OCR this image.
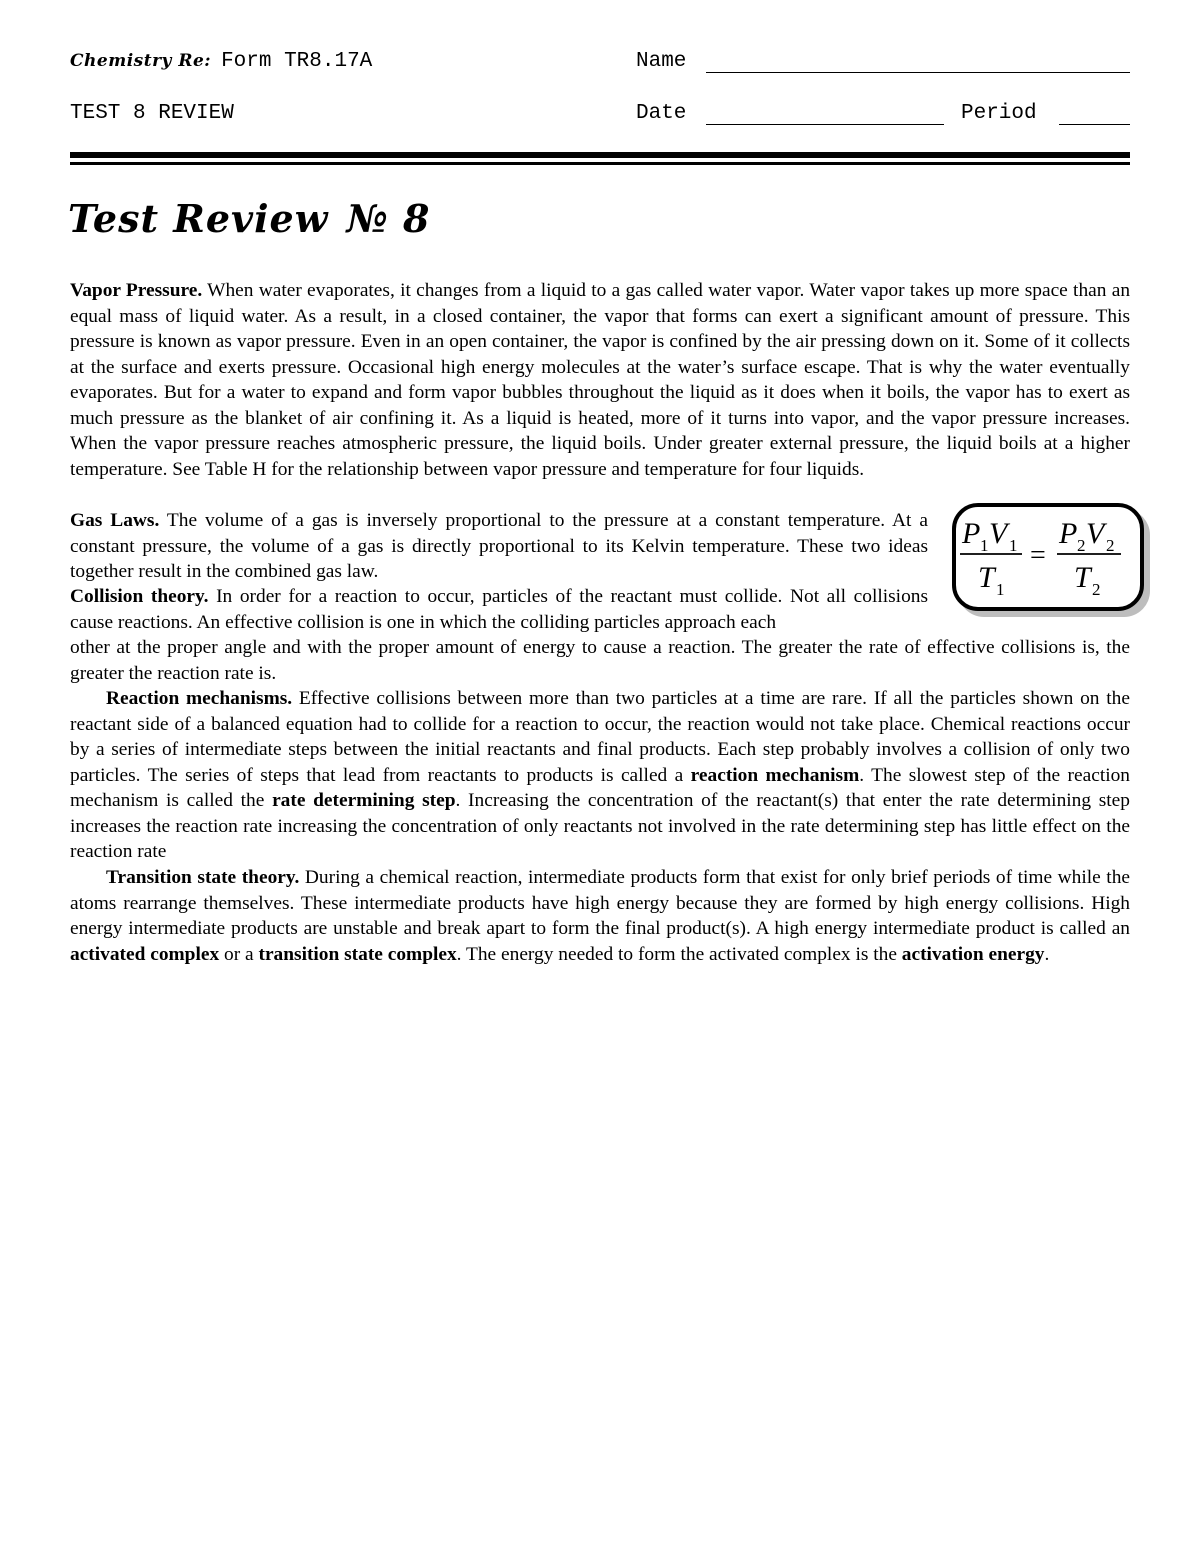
Chemistry Re: Form TR8.17A
TEST 8 REVIEW
Name
Date	Period
Test Review № 8
Vapor Pressure. When water evaporates, it changes from a liquid to a gas called water vapor. Water vapor takes up more space than an equal mass of liquid water. As a result, in a closed container, the vapor that forms can exert a significant amount of pressure. This pressure is known as vapor pressure. Even in an open container, the vapor is confined by the air pressing down on it. Some of it collects at the surface and exerts pressure. Occasional high energy molecules at the water’s surface escape. That is why the water eventually evaporates. But for a water to expand and form vapor bubbles throughout the liquid as it does when it boils, the vapor has to exert as much pressure as the blanket of air confining it. As a liquid is heated, more of it turns into vapor, and the vapor pressure increases. When the vapor pressure reaches atmospheric pressure, the liquid boils. Under greater external pressure, the liquid boils at a higher temperature. See Table H for the relationship between vapor pressure and temperature for four liquids.
Gas Laws. The volume of a gas is inversely proportional to the pressure at a constant temperature. At a constant pressure, the volume of a gas is directly proportional to its Kelvin temperature. These two ideas together result in the combined gas law.
P 1 V 1
T 1
=
P 2 V 2
T 2
Collision theory. In order for a reaction to occur, particles of the reactant must collide. Not all collisions cause reactions. An effective collision is one in which the colliding particles approach each
other at the proper angle and with the proper amount of energy to cause a reaction. The greater the rate of effective collisions is, the greater the reaction rate is.
Reaction mechanisms. Effective collisions between more than two particles at a time are rare. If all the particles shown on the reactant side of a balanced equation had to collide for a reaction to occur, the reaction would not take place. Chemical reactions occur by a series of intermediate steps between the initial reactants and final products. Each step probably involves a collision of only two particles. The series of steps that lead from reactants to products is called a reaction mechanism. The slowest step of the reaction mechanism is called the rate determining step. Increasing the concentration of the reactant(s) that enter the rate determining step increases the reaction rate increasing the concentration of only reactants not involved in the rate determining step has little effect on the reaction rate
Transition state theory. During a chemical reaction, intermediate products form that exist for only brief periods of time while the atoms rearrange themselves. These intermediate products have high energy because they are formed by high energy collisions. High energy intermediate products are unstable and break apart to form the final product(s). A high energy intermediate product is called an activated complex or a transition state complex. The energy needed to form the activated complex is the activation energy.
